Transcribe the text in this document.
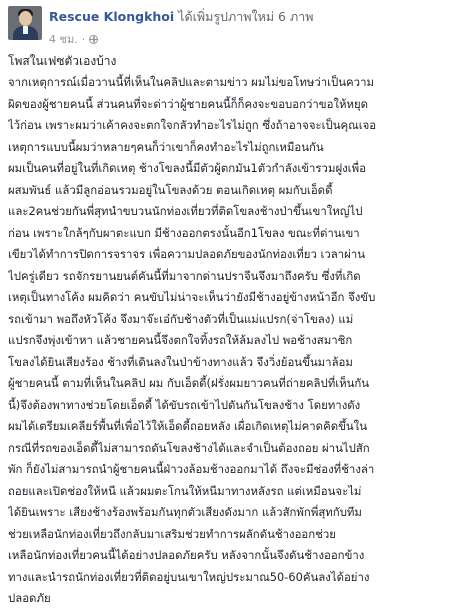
Rescue Klongkhoi ได้เพิ่มรูปภาพใหม่ 6 ภาพ
4 ชม. ·
โพสในเฟซตัวเองบ้าง
จากเหตุการณ์เมื่อวานนี้ที่เห็นในคลิปและตามข่าว ผมไม่ขอโทษว่าเป็นความ
ผิดของผู้ชายคนนี้ ส่วนคนที่จะด่าว่าผู้ชายคนนี้ก็ก็คงจะขอบอกว่าขอให้หยุด
ไว้ก่อน เพราะผมว่าเค้าคงจะตกใจกลัวทำอะไรไม่ถูก ซึ่งถ้าอาจจะเป็นคุณเจอ
เหตุการแบบนี้ผมว่าหลายๆคนก็ว่าเขาก็คงทำอะไรไม่ถูกเหมือนกัน
ผมเป็นคนที่อยู่ในที่เกิดเหตุ ช้างโขลงนี้มีตัวผู้ตกมัน1ตัวกำลังเข้ารวมฝูงเพื่อ
ผสมพันธ์ แล้วมีลูกอ่อนรวมอยู่ในโขลงด้วย ตอนเกิดเหตุ ผมกับเอ็ดดี้
และ2คนช่วยกันพี่สุทนำขบวนนักท่องเที่ยวที่ติดโขลงช้างป่าขึ้นเขาใหญ่ไป
ก่อน เพราะใกล้ๆกับผาตะแบก มีช้างออกตรงนั้นอีก1โขลง ขณะที่ด่านเขา
เขียวได้ทำการปิดการจราจร เพื่อความปลอดภัยของนักท่องเที่ยว เวลาผ่าน
ไปครู่เดียว รถจักรยานยนต์คันนี้ที่มาจากด่านปราจีนจึงมาถึงครับ ซึ่งที่เกิด
เหตุเป็นทางโค้ง ผมคิดว่า คนขับไม่น่าจะเห็นว่ายังมีช้างอยู่ข้างหน้าอีก จึงขับ
รถเข้ามา พอถึงหัวโค้ง จึงมาจ๊ะเอ๋กับช้างตัวที่เป็นแม่แปรก(จ่าโขลง) แม่
แปรกจึงพุ่งเข้าหา แล้วชายคนนี้จึงตกใจทิ้งรถให้ล้มลงไป พอช้างสมาชิก
โขลงได้ยินเสียงร้อง ช้างที่เดินลงในป่าข้างทางแล้ว จึงวิ่งย้อนขึ้นมาล้อม
ผู้ชายคนนี้ ตามที่เห็นในคลิป ผม กับเอ็ดดี้(ฝรั่งผมยาวคนที่ถ่ายคลิปที่เห็นกัน
นี้)จึงต้องพาทางช่วยโดยเอ็ดดี้ ได้ขับรถเข้าไปดันกันโขลงช้าง โดยทางดัง
ผมได้เตรียมเคลียร์พื้นที่เพื่อไว้ให้เอ็ดดี้ถอยหลัง เผื่อเกิดเหตุไม่คาดคิดขึ้นใน
กรณีที่รถของเอ็ดดี้ไม่สามารถดันโขลงช้างได้และจำเป็นต้องถอย ผ่านไปสัก
พัก ก็ยังไม่สามารถนำผู้ชายคนนี้ฝ่าวงล้อมช้างออกมาได้ ถึงจะมีช่องที่ช้างล่า
ถอยและเปิดช่องให้หนี แล้วผมตะโกนให้หนีมาทางหลังรถ แต่เหมือนจะไม่
ได้ยินเพราะ เสียงช้างร้องพร้อมกันทุกตัวเสียงดังมาก แล้วสักพักพี่สุทกับทีม
ช่วยเหลือนักท่องเที่ยวถึงกลับมาเสริมช่วยทำการผลักดันช้างออกช่วย
เหลือนักท่องเที่ยวคนนี้ได้อย่างปลอดภัยครับ หลังจากนั้นจึงดันช้างออกข้าง
ทางและนำรถนักท่องเที่ยวที่ติดอยู่บนเขาใหญ่ประมาณ50-60คันลงได้อย่าง
ปลอดภัย
